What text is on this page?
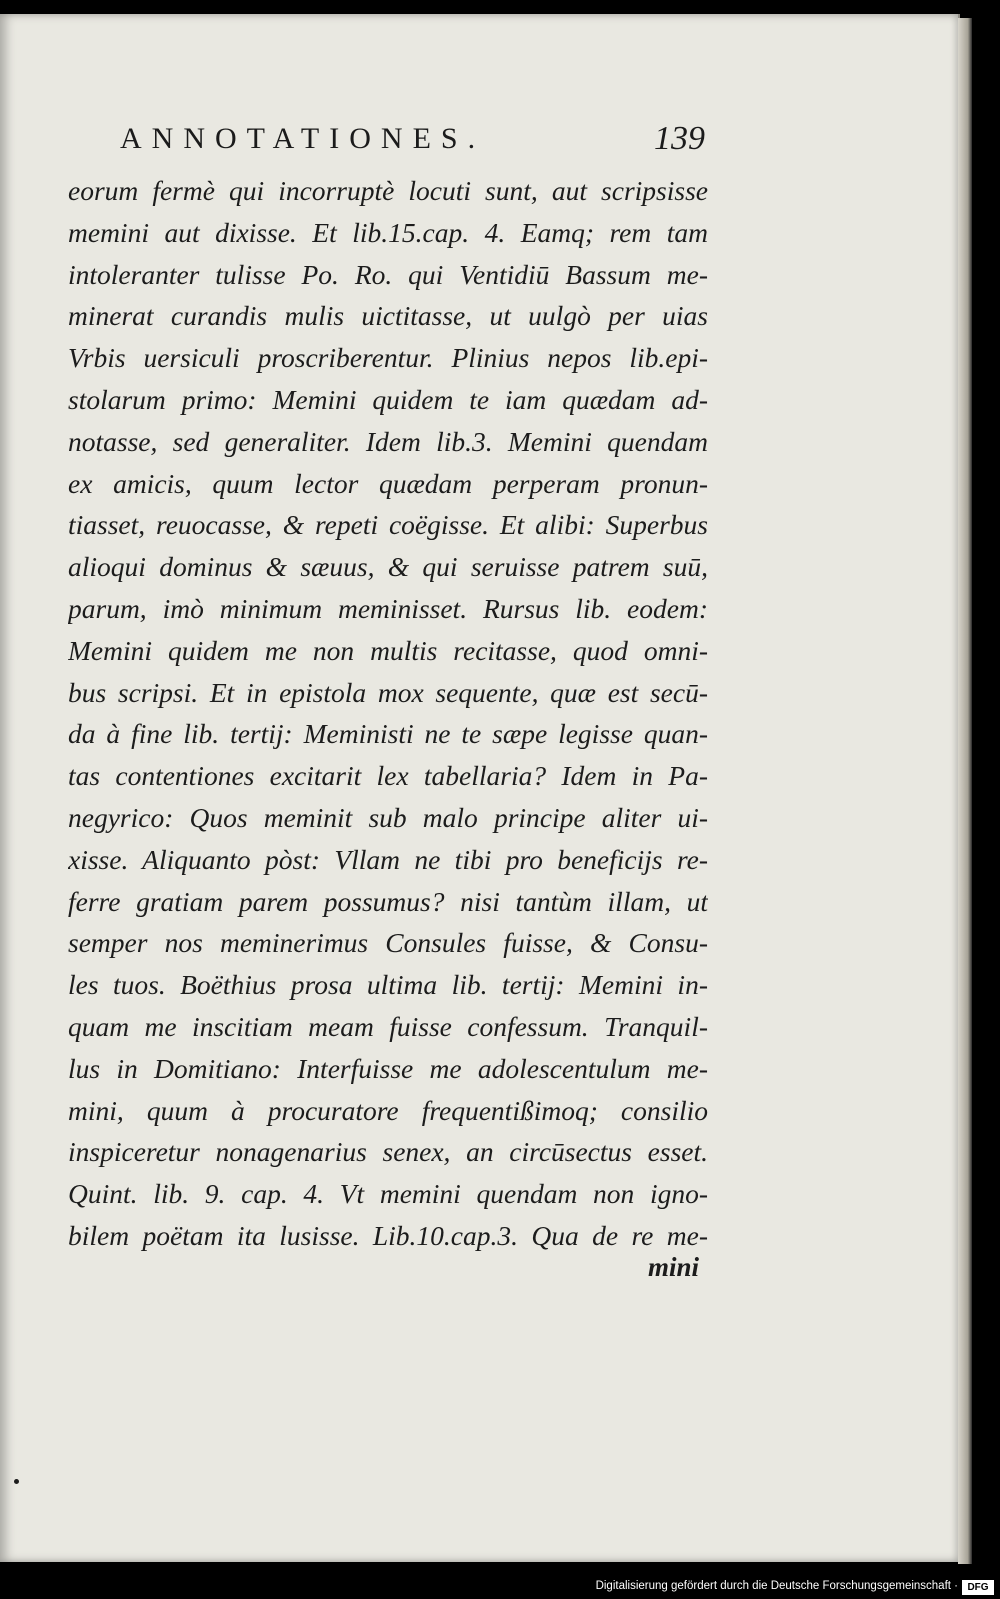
ANNOTATIONES.	139
eorum fermè qui incorruptè locuti sunt, aut scripsisse
memini aut dixisse. Et lib.15.cap. 4. Eamq; rem tam
intoleranter tulisse Po. Ro. qui Ventidiū Bassum me-
minerat curandis mulis uictitasse, ut uulgò per uias
Vrbis uersiculi proscriberentur. Plinius nepos lib.epi-
stolarum primo: Memini quidem te iam quædam ad-
notasse, sed generaliter. Idem lib.3. Memini quendam
ex amicis, quum lector quædam perperam pronun-
tiasset, reuocasse, & repeti coëgisse. Et alibi: Superbus
alioqui dominus & sæuus, & qui seruisse patrem suū,
parum, imò minimum meminisset. Rursus lib. eodem:
Memini quidem me non multis recitasse, quod omni-
bus scripsi. Et in epistola mox sequente, quæ est secū-
da à fine lib. tertij: Meministi ne te sæpe legisse quan-
tas contentiones excitarit lex tabellaria? Idem in Pa-
negyrico: Quos meminit sub malo principe aliter ui-
xisse. Aliquanto pòst: Vllam ne tibi pro beneficijs re-
ferre gratiam parem possumus? nisi tantùm illam, ut
semper nos meminerimus Consules fuisse, & Consu-
les tuos. Boëthius prosa ultima lib. tertij: Memini in-
quam me inscitiam meam fuisse confessum. Tranquil-
lus in Domitiano: Interfuisse me adolescentulum me-
mini, quum à procuratore frequentißimoq; consilio
inspiceretur nonagenarius senex, an circūsectus esset.
Quint. lib. 9. cap. 4. Vt memini quendam non igno-
bilem poëtam ita lusisse. Lib.10.cap.3. Qua de re me-
mini
Digitalisierung gefördert durch die Deutsche Forschungsgemeinschaft · DFG
